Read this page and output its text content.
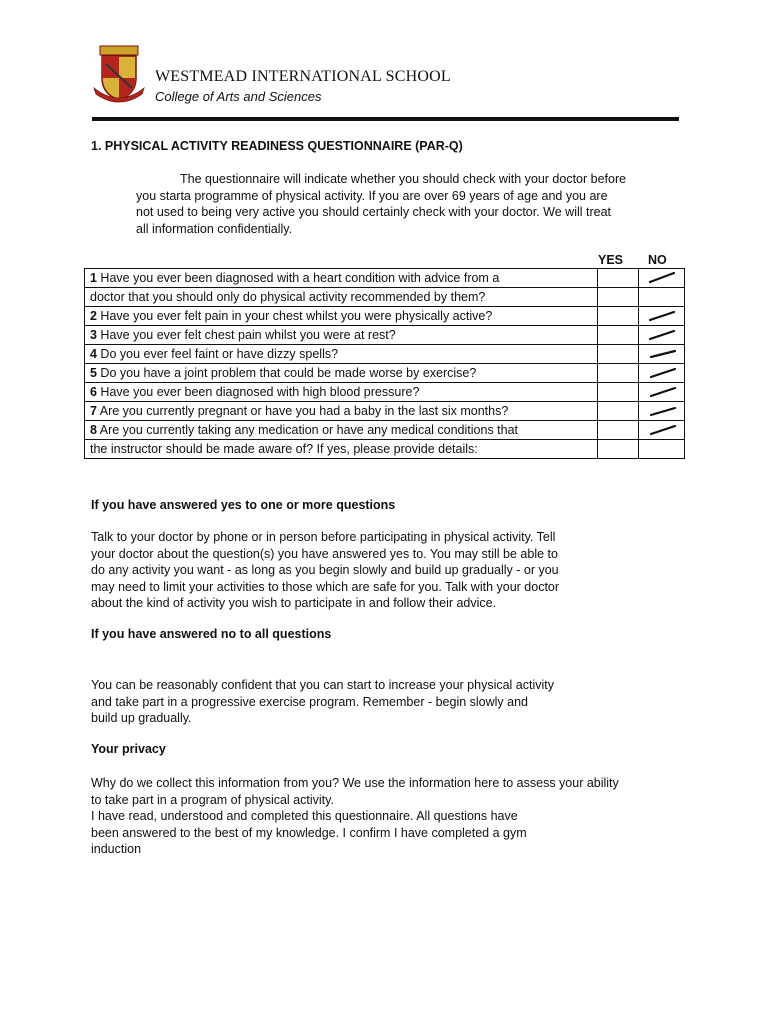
WESTMEAD INTERNATIONAL SCHOOL
College of Arts and Sciences
1. PHYSICAL ACTIVITY READINESS QUESTIONNAIRE (PAR-Q)
The questionnaire will indicate whether you should check with your doctor before
you starta programme of physical activity. If you are over 69 years of age and you are
not used to being very active you should certainly check with your doctor. We will treat
all information confidentially.
YES NO
1 Have you ever been diagnosed with a heart condition with advice from a		

doctor that you should only do physical activity recommended by them?		
2 Have you ever felt pain in your chest whilst you were physically active?		

3 Have you ever felt chest pain whilst you were at rest?		

4 Do you ever feel faint or have dizzy spells?		

5 Do you have a joint problem that could be made worse by exercise?		

6 Have you ever been diagnosed with high blood pressure?		

7 Are you currently pregnant or have you had a baby in the last six months?		

8 Are you currently taking any medication or have any medical conditions that		

the instructor should be made aware of? If yes, please provide details:		
If you have answered yes to one or more questions
Talk to your doctor by phone or in person before participating in physical activity. Tell
your doctor about the question(s) you have answered yes to. You may still be able to
do any activity you want - as long as you begin slowly and build up gradually - or you
may need to limit your activities to those which are safe for you. Talk with your doctor
about the kind of activity you wish to participate in and follow their advice.
If you have answered no to all questions
You can be reasonably confident that you can start to increase your physical activity
and take part in a progressive exercise program. Remember - begin slowly and
build up gradually.
Your privacy
Why do we collect this information from you? We use the information here to assess your ability
to take part in a program of physical activity.
I have read, understood and completed this questionnaire. All questions have
been answered to the best of my knowledge. I confirm I have completed a gym
induction
